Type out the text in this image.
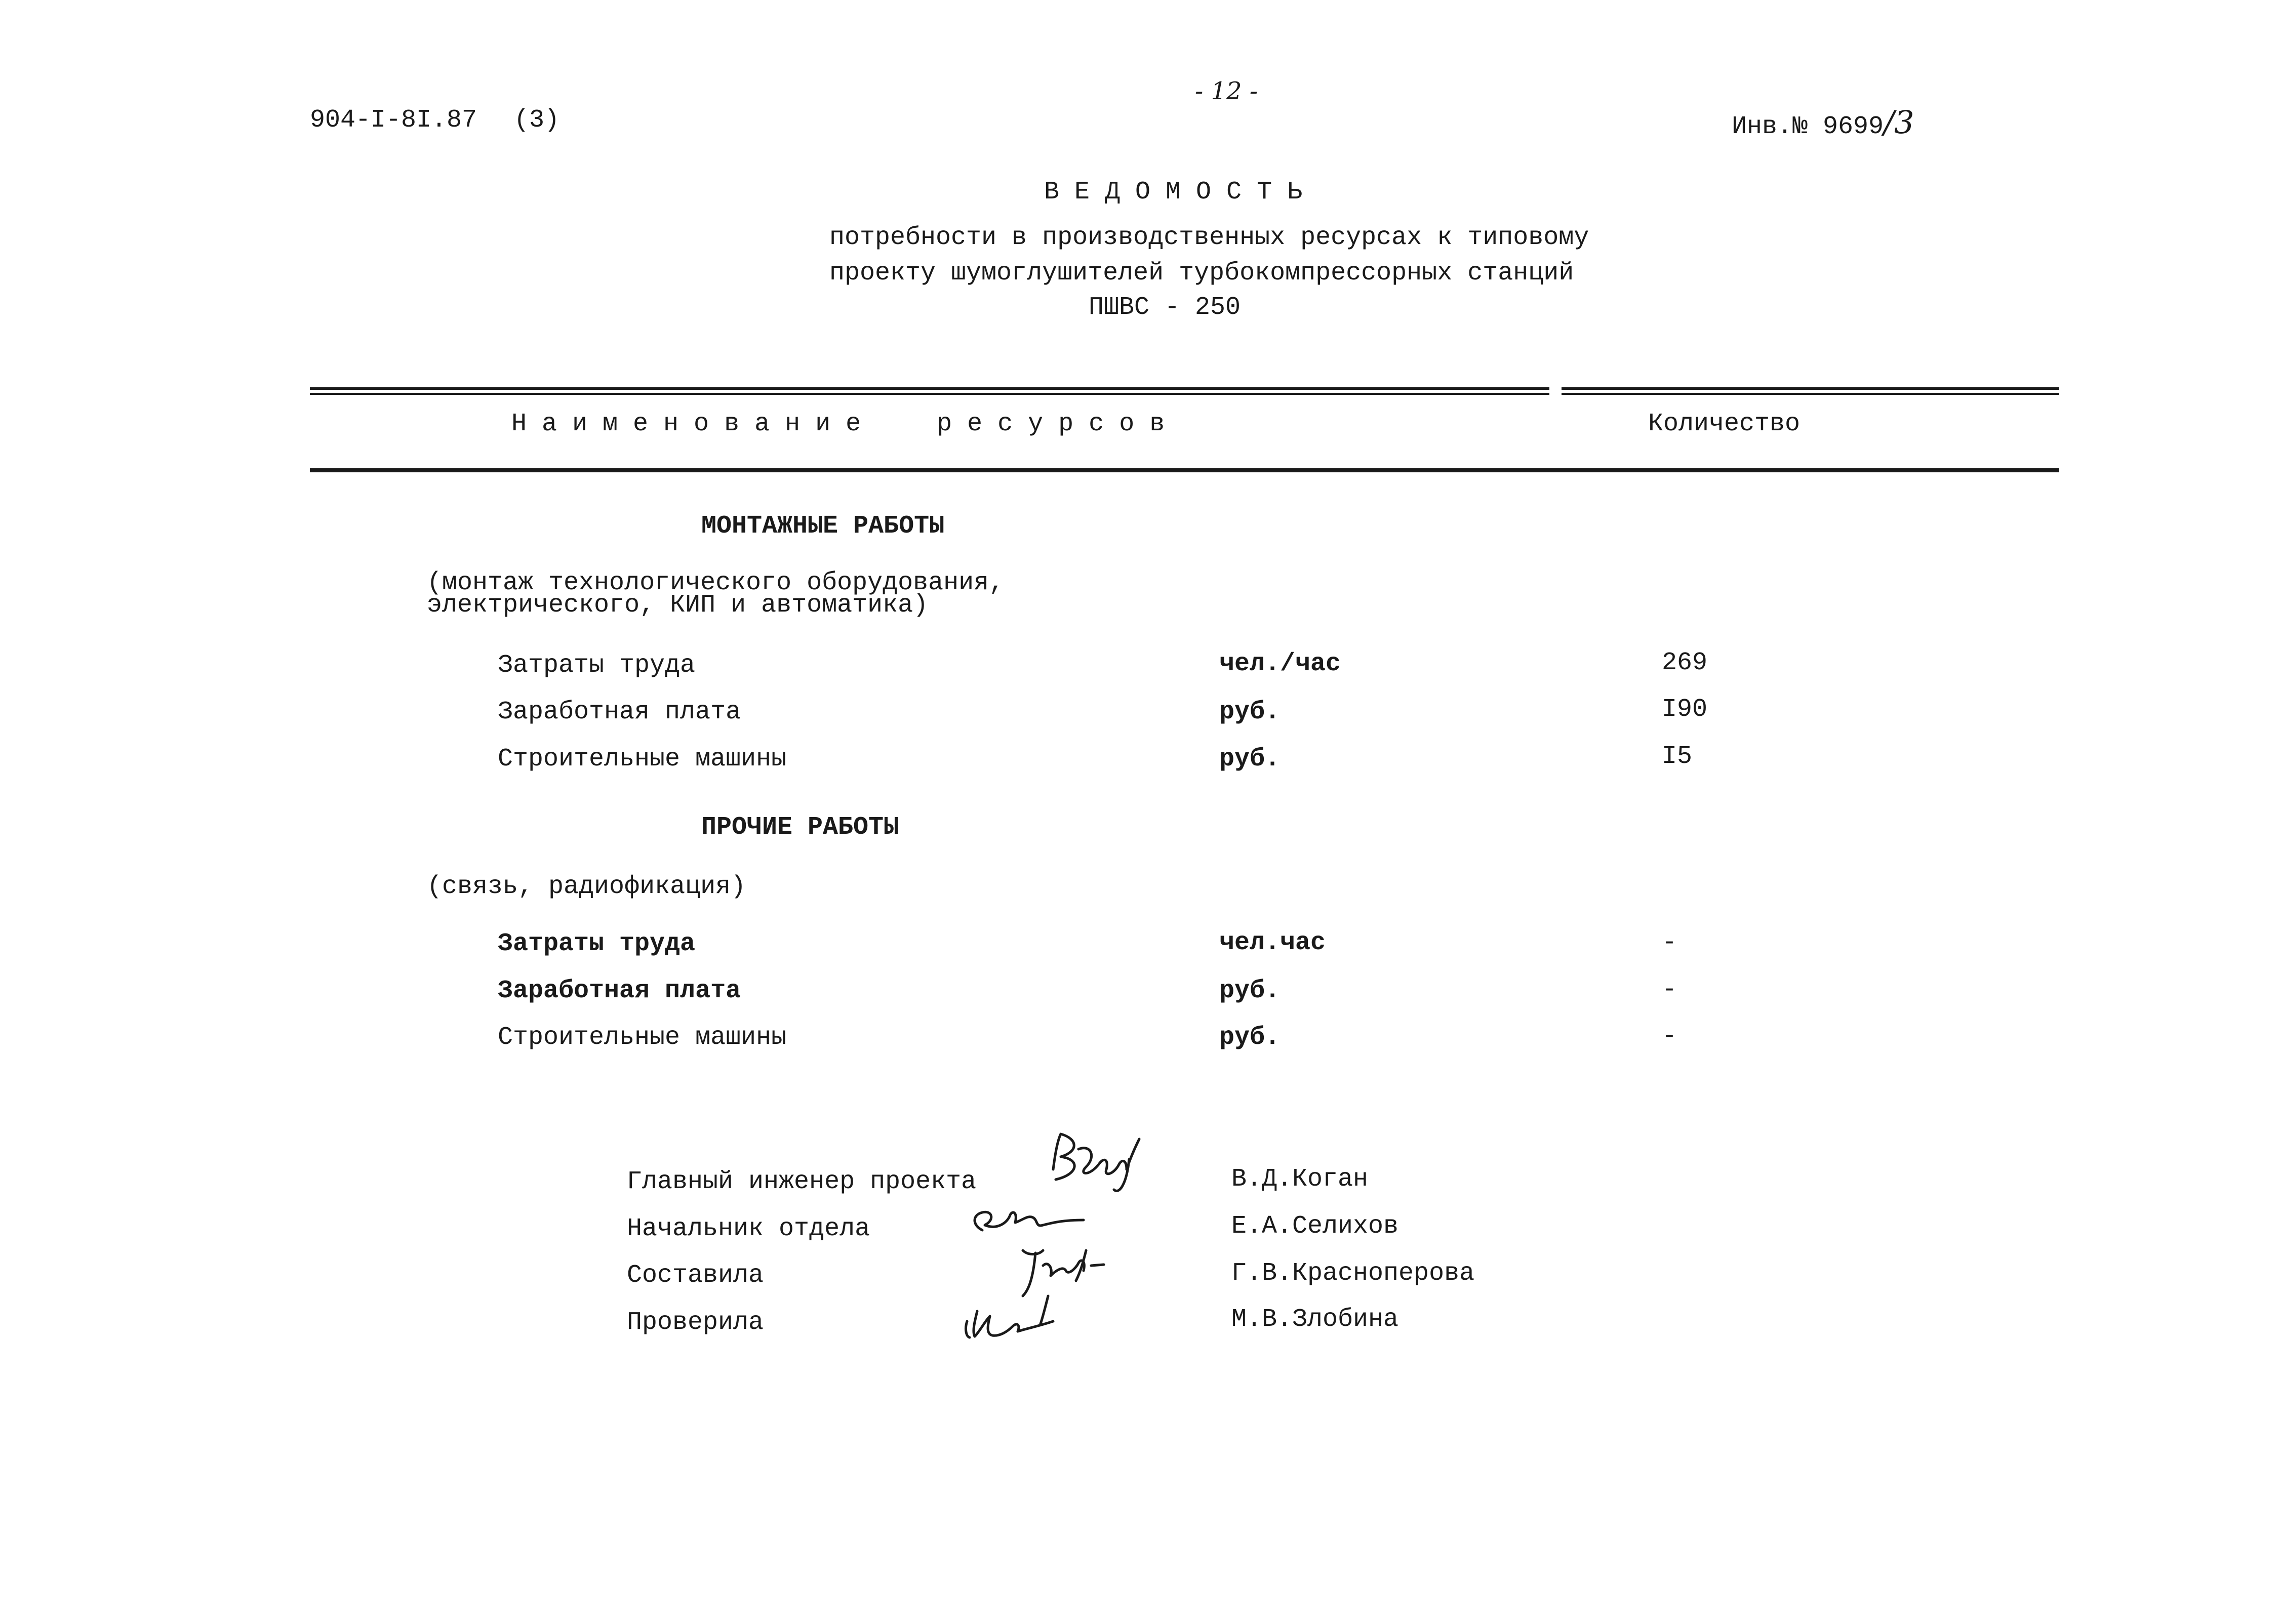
904-I-8I.87 (3)
- 12 -
Инв.№ 9699/3
В Е Д О М О С Т Ь
потребности в производственных ресурсах к типовому
проекту шумоглушителей турбокомпрессорных станций
ПШВС - 250
Н а и м е н о в а н и е     р е с у р с о в	Количество
МОНТАЖНЫЕ РАБОТЫ
(монтаж технологического оборудования,
электрического, КИП и автоматика)
Затраты труда	чел./час	269
Заработная плата	руб.	I90
Строительные машины	руб.	I5
ПРОЧИЕ РАБОТЫ
(связь, радиофикация)
Затраты труда	чел.час	-
Заработная плата	руб.	-
Строительные машины	руб.	-
Главный инженер проекта	В.Д.Коган
Начальник отдела	Е.А.Селихов
Составила	Г.В.Красноперова
Проверила	М.В.Злобина
